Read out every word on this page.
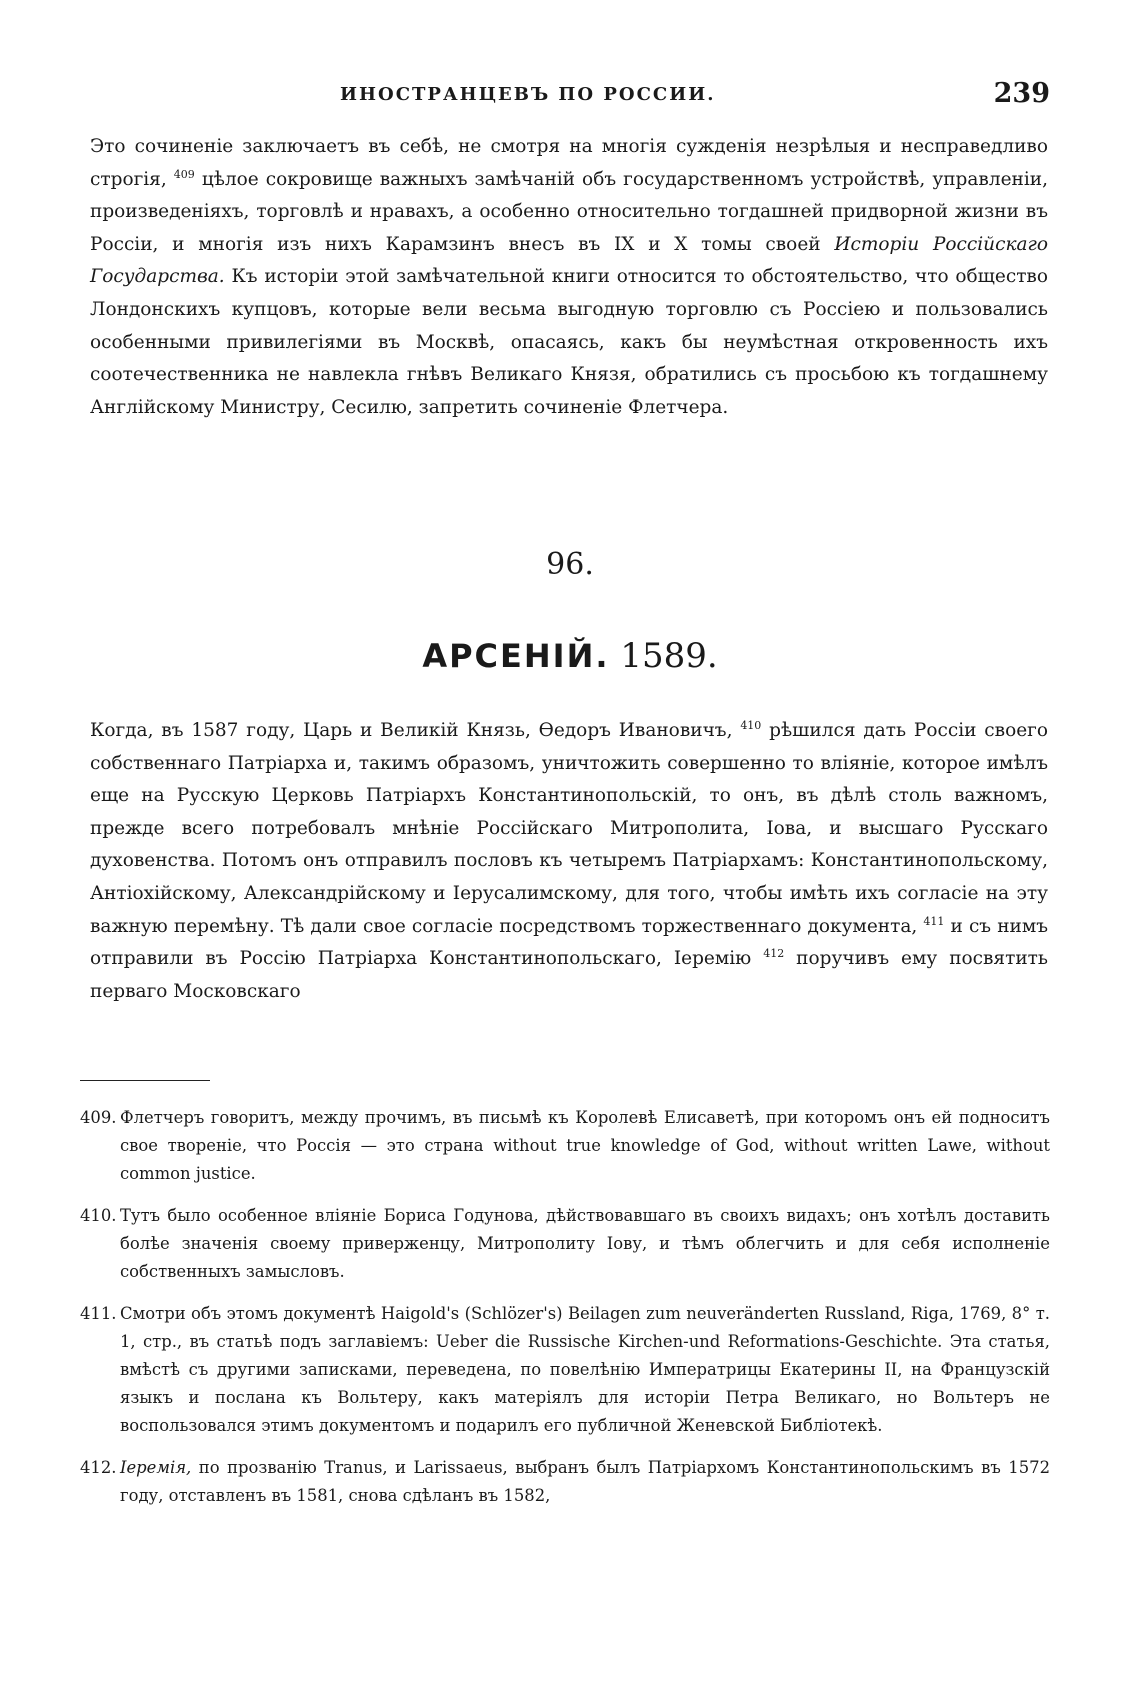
ИНОСТРАНЦЕВЪ ПО РОССИИ.	239
Это сочиненіе заключаетъ въ себѣ, не смотря на многія сужденія незрѣлыя и несправедливо строгія, $^{409}$ цѣлое сокровище важныхъ замѣчаній объ государственномъ устройствѣ, управленіи, произведеніяхъ, торговлѣ и нравахъ, а особенно относительно тогдашней придворной жизни въ Россіи, и многія изъ нихъ Карамзинъ внесъ въ IX и X томы своей Исторіи Россійскаго Государства. Къ исторіи этой замѣчательной книги относится то обстоятельство, что общество Лондонскихъ купцовъ, которые вели весьма выгодную торговлю съ Россіею и пользовались особенными привилегіями въ Москвѣ, опасаясь, какъ бы неумѣстная откровенность ихъ соотечественника не навлекла гнѣвъ Великаго Князя, обратились съ просьбою къ тогдашнему Англійскому Министру, Сесилю, запретить сочиненіе Флетчера.
96.
АРСЕНІЙ. 1589.
Когда, въ 1587 году, Царь и Великій Князь, Ѳедоръ Ивановичъ, $^{410}$ рѣшился дать Россіи своего собственнаго Патріарха и, такимъ образомъ, уничтожить совершенно то вліяніе, которое имѣлъ еще на Русскую Церковь Патріархъ Константинопольскій, то онъ, въ дѣлѣ столь важномъ, прежде всего потребовалъ мнѣніе Россійскаго Митрополита, Іова, и высшаго Русскаго духовенства. Потомъ онъ отправилъ пословъ къ четыремъ Патріархамъ: Константинопольскому, Антіохійскому, Александрійскому и Іерусалимскому, для того, чтобы имѣть ихъ согласіе на эту важную перемѣну. Тѣ дали свое согласіе посредствомъ торжественнаго документа, $^{411}$ и съ нимъ отправили въ Россію Патріарха Константинопольскаго, Іеремію $^{412}$ поручивъ ему посвятить перваго Московскаго
409. Флетчеръ говоритъ, между прочимъ, въ письмѣ къ Королевѣ Елисаветѣ, при которомъ онъ ей подноситъ свое твореніе, что Россія — это страна without true knowledge of God, without written Lawe, without common justice.
410. Тутъ было особенное вліяніе Бориса Годунова, дѣйствовавшаго въ своихъ видахъ; онъ хотѣлъ доставить болѣе значенія своему приверженцу, Митрополиту Іову, и тѣмъ облегчить и для себя исполненіе собственныхъ замысловъ.
411. Смотри объ этомъ документѣ Haigold's (Schlözer's) Beilagen zum neuveränderten Russland, Riga, 1769, 8° т. 1, стр., въ статьѣ подъ заглавіемъ: Ueber die Russische Kirchen-und Reformations-Geschichte. Эта статья, вмѣстѣ съ другими записками, переведена, по повелѣнію Императрицы Екатерины II, на Французскій языкъ и послана къ Вольтеру, какъ матеріялъ для исторіи Петра Великаго, но Вольтеръ не воспользовался этимъ документомъ и подарилъ его публичной Женевской Библіотекѣ.
412. Іеремія, по прозванію Tranus, и Larissaeus, выбранъ былъ Патріархомъ Константинопольскимъ въ 1572 году, отставленъ въ 1581, снова сдѣланъ въ 1582,
